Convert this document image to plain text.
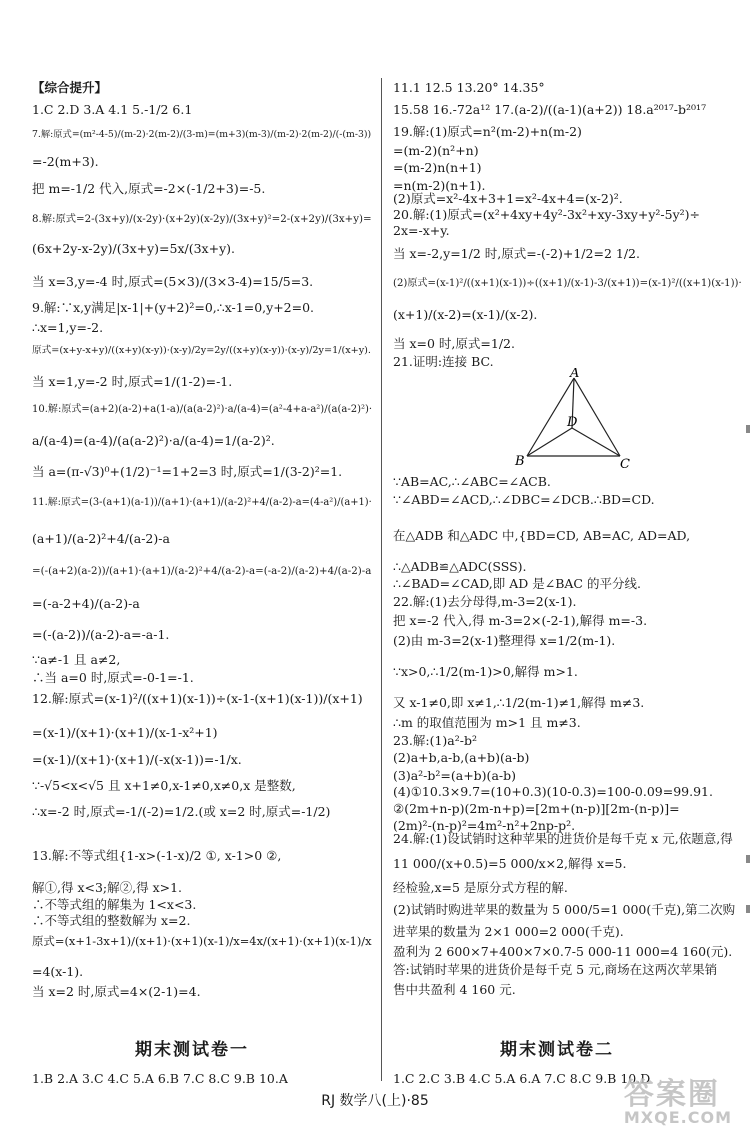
【综合提升】
1.C 2.D 3.A 4.1 5.-1/2 6.1
7.解:原式=(m²-4-5)/(m-2)·2(m-2)/(3-m)=(m+3)(m-3)/(m-2)·2(m-2)/(-(m-3))
=-2(m+3).
把 m=-1/2 代入,原式=-2×(-1/2+3)=-5.
8.解:原式=2-(3x+y)/(x-2y)·(x+2y)(x-2y)/(3x+y)²=2-(x+2y)/(3x+y)=
(6x+2y-x-2y)/(3x+y)=5x/(3x+y).
当 x=3,y=-4 时,原式=(5×3)/(3×3-4)=15/5=3.
9.解:∵x,y满足|x-1|+(y+2)²=0,∴x-1=0,y+2=0.
∴x=1,y=-2.
原式=(x+y-x+y)/((x+y)(x-y))·(x-y)/2y=2y/((x+y)(x-y))·(x-y)/2y=1/(x+y).
当 x=1,y=-2 时,原式=1/(1-2)=-1.
10.解:原式=(a+2)(a-2)+a(1-a)/(a(a-2)²)·a/(a-4)=(a²-4+a-a²)/(a(a-2)²)·
a/(a-4)=(a-4)/(a(a-2)²)·a/(a-4)=1/(a-2)².
当 a=(π-√3)⁰+(1/2)⁻¹=1+2=3 时,原式=1/(3-2)²=1.
11.解:原式=(3-(a+1)(a-1))/(a+1)·(a+1)/(a-2)²+4/(a-2)-a=(4-a²)/(a+1)·
(a+1)/(a-2)²+4/(a-2)-a
=(-(a+2)(a-2))/(a+1)·(a+1)/(a-2)²+4/(a-2)-a=(-a-2)/(a-2)+4/(a-2)-a
=(-a-2+4)/(a-2)-a
=(-(a-2))/(a-2)-a=-a-1.
∵a≠-1 且 a≠2,
∴当 a=0 时,原式=-0-1=-1.
12.解:原式=(x-1)²/((x+1)(x-1))÷(x-1-(x+1)(x-1))/(x+1)
=(x-1)/(x+1)·(x+1)/(x-1-x²+1)
=(x-1)/(x+1)·(x+1)/(-x(x-1))=-1/x.
∵-√5<x<√5 且 x+1≠0,x-1≠0,x≠0,x 是整数,
∴x=-2 时,原式=-1/(-2)=1/2.(或 x=2 时,原式=-1/2)
13.解:不等式组{1-x>(-1-x)/2 ①, x-1>0 ②,
解①,得 x<3;解②,得 x>1.
∴不等式组的解集为 1<x<3.
∴不等式组的整数解为 x=2.
原式=(x+1-3x+1)/(x+1)·(x+1)(x-1)/x=4x/(x+1)·(x+1)(x-1)/x
=4(x-1).
当 x=2 时,原式=4×(2-1)=4.
11.1 12.5 13.20° 14.35°
15.58 16.-72a¹² 17.(a-2)/((a-1)(a+2)) 18.a²⁰¹⁷-b²⁰¹⁷
19.解:(1)原式=n²(m-2)+n(m-2)
=(m-2)(n²+n)
=(m-2)n(n+1)
=n(m-2)(n+1).
(2)原式=x²-4x+3+1=x²-4x+4=(x-2)².
20.解:(1)原式=(x²+4xy+4y²-3x²+xy-3xy+y²-5y²)÷
2x=-x+y.
当 x=-2,y=1/2 时,原式=-(-2)+1/2=2 1/2.
(2)原式=(x-1)²/((x+1)(x-1))÷((x+1)/(x-1)-3/(x+1))=(x-1)²/((x+1)(x-1))·
(x+1)/(x-2)=(x-1)/(x-2).
当 x=0 时,原式=1/2.
21.证明:连接 BC.
∵AB=AC,∴∠ABC=∠ACB.
∵∠ABD=∠ACD,∴∠DBC=∠DCB.∴BD=CD.
在△ADB 和△ADC 中,{BD=CD, AB=AC, AD=AD,
∴△ADB≌△ADC(SSS).
∴∠BAD=∠CAD,即 AD 是∠BAC 的平分线.
22.解:(1)去分母得,m-3=2(x-1).
把 x=-2 代入,得 m-3=2×(-2-1),解得 m=-3.
(2)由 m-3=2(x-1)整理得 x=1/2(m-1).
∵x>0,∴1/2(m-1)>0,解得 m>1.
又 x-1≠0,即 x≠1,∴1/2(m-1)≠1,解得 m≠3.
∴m 的取值范围为 m>1 且 m≠3.
23.解:(1)a²-b²
(2)a+b,a-b,(a+b)(a-b)
(3)a²-b²=(a+b)(a-b)
(4)①10.3×9.7=(10+0.3)(10-0.3)=100-0.09=99.91.
②(2m+n-p)(2m-n+p)=[2m+(n-p)][2m-(n-p)]=
(2m)²-(n-p)²=4m²-n²+2np-p².
24.解:(1)设试销时这种苹果的进货价是每千克 x 元,依题意,得
11 000/(x+0.5)=5 000/x×2,解得 x=5.
经检验,x=5 是原分式方程的解.
(2)试销时购进苹果的数量为 5 000/5=1 000(千克),第二次购
进苹果的数量为 2×1 000=2 000(千克).
盈利为 2 600×7+400×7×0.7-5 000-11 000=4 160(元).
答:试销时苹果的进货价是每千克 5 元,商场在这两次苹果销
售中共盈利 4 160 元.
A
D
B	C
期末测试卷一	期末测试卷二
1.B 2.A 3.C 4.C 5.A 6.B 7.C 8.C 9.B 10.A	1.C 2.C 3.B 4.C 5.A 6.A 7.C 8.C 9.B 10.D
RJ 数学八(上)·85	答案圈
MXQE.COM
